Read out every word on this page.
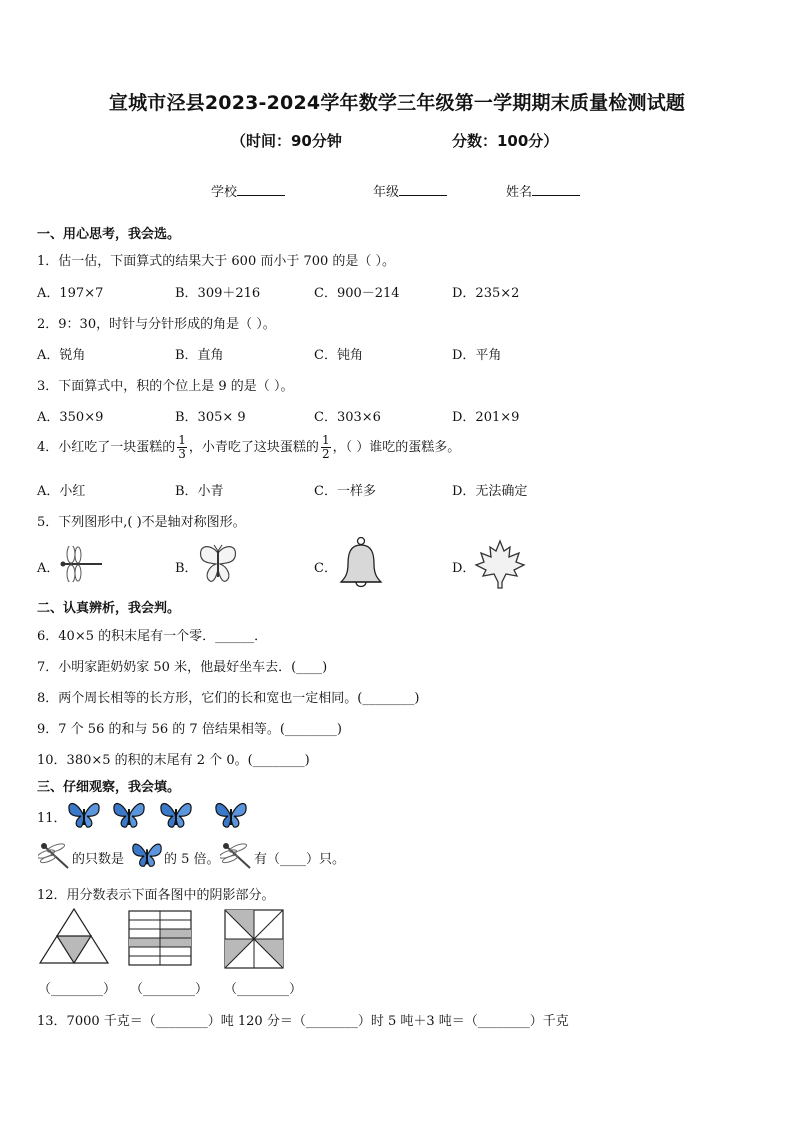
宣城市泾县2023-2024学年数学三年级第一学期期末质量检测试题
（时间：90分钟	分数：100分）
学校	年级	姓名
一、用心思考，我会选。
1．估一估，下面算式的结果大于 600 而小于 700 的是（ ）。
A．197×7	B．309＋216	C．900－214	D．235×2
2．9：30，时针与分针形成的角是（ ）。
A．锐角	B．直角	C．钝角	D．平角
3．下面算式中，积的个位上是 9 的是（ ）。
A．350×9	B．305× 9	C．303×6	D．201×9
4．小红吃了一块蛋糕的 $\frac{1}{3}$ ，小青吃了这块蛋糕的 $\frac{1}{2}$ ，（ ）谁吃的蛋糕多。
A．小红	B．小青	C．一样多	D．无法确定
5．下列图形中,( )不是轴对称图形。
A．	B．	C．	D．
二、认真辨析，我会判。
6．40×5 的积末尾有一个零．______．
7．小明家距奶奶家 50 米，他最好坐车去．(____)
8．两个周长相等的长方形，它们的长和宽也一定相同。(________)
9．7 个 56 的和与 56 的 7 倍结果相等。(________)
10．380×5 的积的末尾有 2 个 0。(________)
三、仔细观察，我会填。
11．
的只数是	的 5 倍。	有（____）只。
12．用分数表示下面各图中的阴影部分。
（________） （________） （________）
13．7000 千克＝（________）吨 120 分＝（________）时 5 吨＋3 吨＝（________）千克
